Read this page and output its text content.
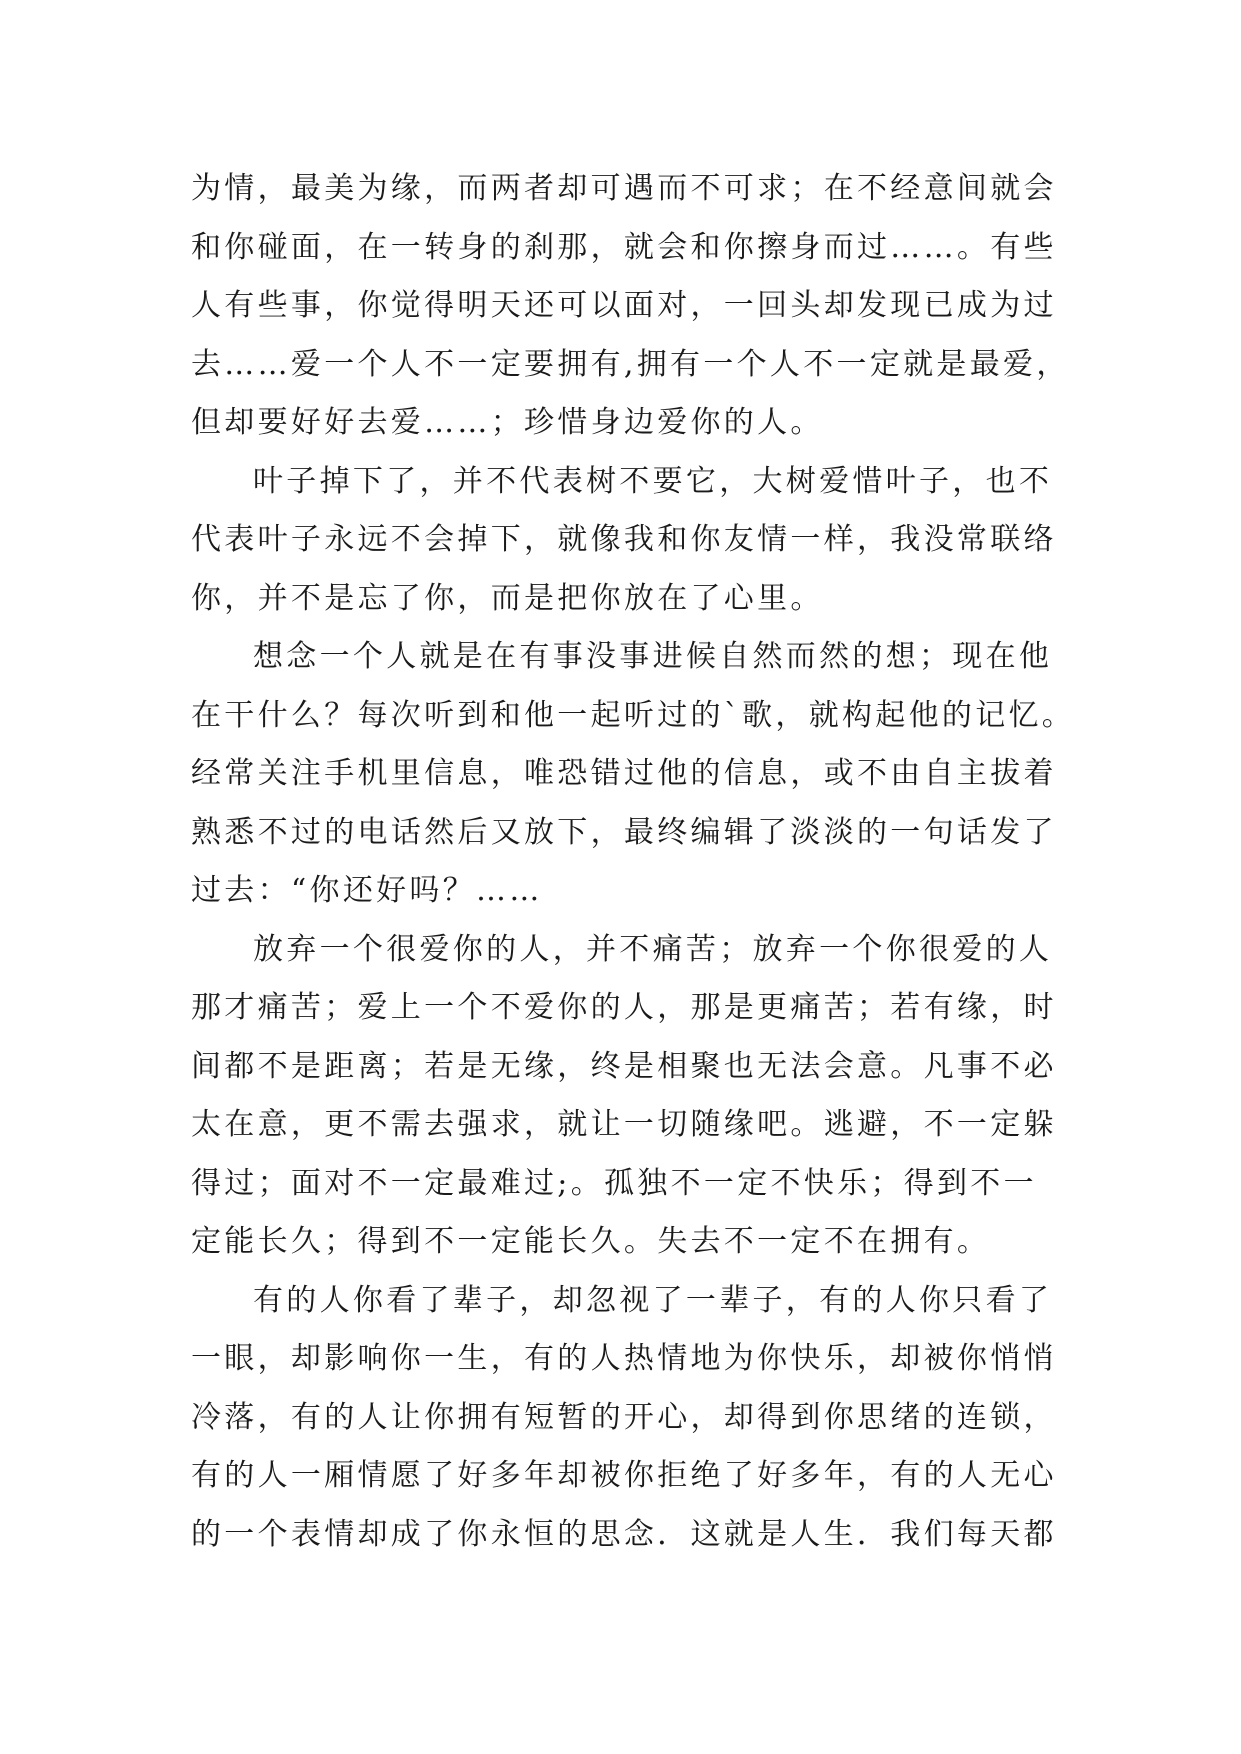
为情，最美为缘，而两者却可遇而不可求；在不经意间就会
和你碰面，在一转身的刹那，就会和你擦身而过……。有些
人有些事，你觉得明天还可以面对，一回头却发现已成为过
去……爱一个人不一定要拥有,拥有一个人不一定就是最爱，
但却要好好去爱……；珍惜身边爱你的人。
叶子掉下了，并不代表树不要它，大树爱惜叶子，也不
代表叶子永远不会掉下，就像我和你友情一样，我没常联络
你，并不是忘了你，而是把你放在了心里。
想念一个人就是在有事没事进候自然而然的想；现在他
在干什么？每次听到和他一起听过的`歌，就构起他的记忆。
经常关注手机里信息，唯恐错过他的信息，或不由自主拔着
熟悉不过的电话然后又放下，最终编辑了淡淡的一句话发了
过去：“你还好吗？……
放弃一个很爱你的人，并不痛苦；放弃一个你很爱的人
那才痛苦；爱上一个不爱你的人，那是更痛苦；若有缘，时
间都不是距离；若是无缘，终是相聚也无法会意。凡事不必
太在意，更不需去强求，就让一切随缘吧。逃避，不一定躲
得过；面对不一定最难过;。孤独不一定不快乐；得到不一
定能长久；得到不一定能长久。失去不一定不在拥有。
有的人你看了辈子，却忽视了一辈子，有的人你只看了
一眼，却影响你一生，有的人热情地为你快乐，却被你悄悄
冷落，有的人让你拥有短暂的开心，却得到你思绪的连锁，
有的人一厢情愿了好多年却被你拒绝了好多年，有的人无心
的一个表情却成了你永恒的思念．这就是人生．我们每天都
